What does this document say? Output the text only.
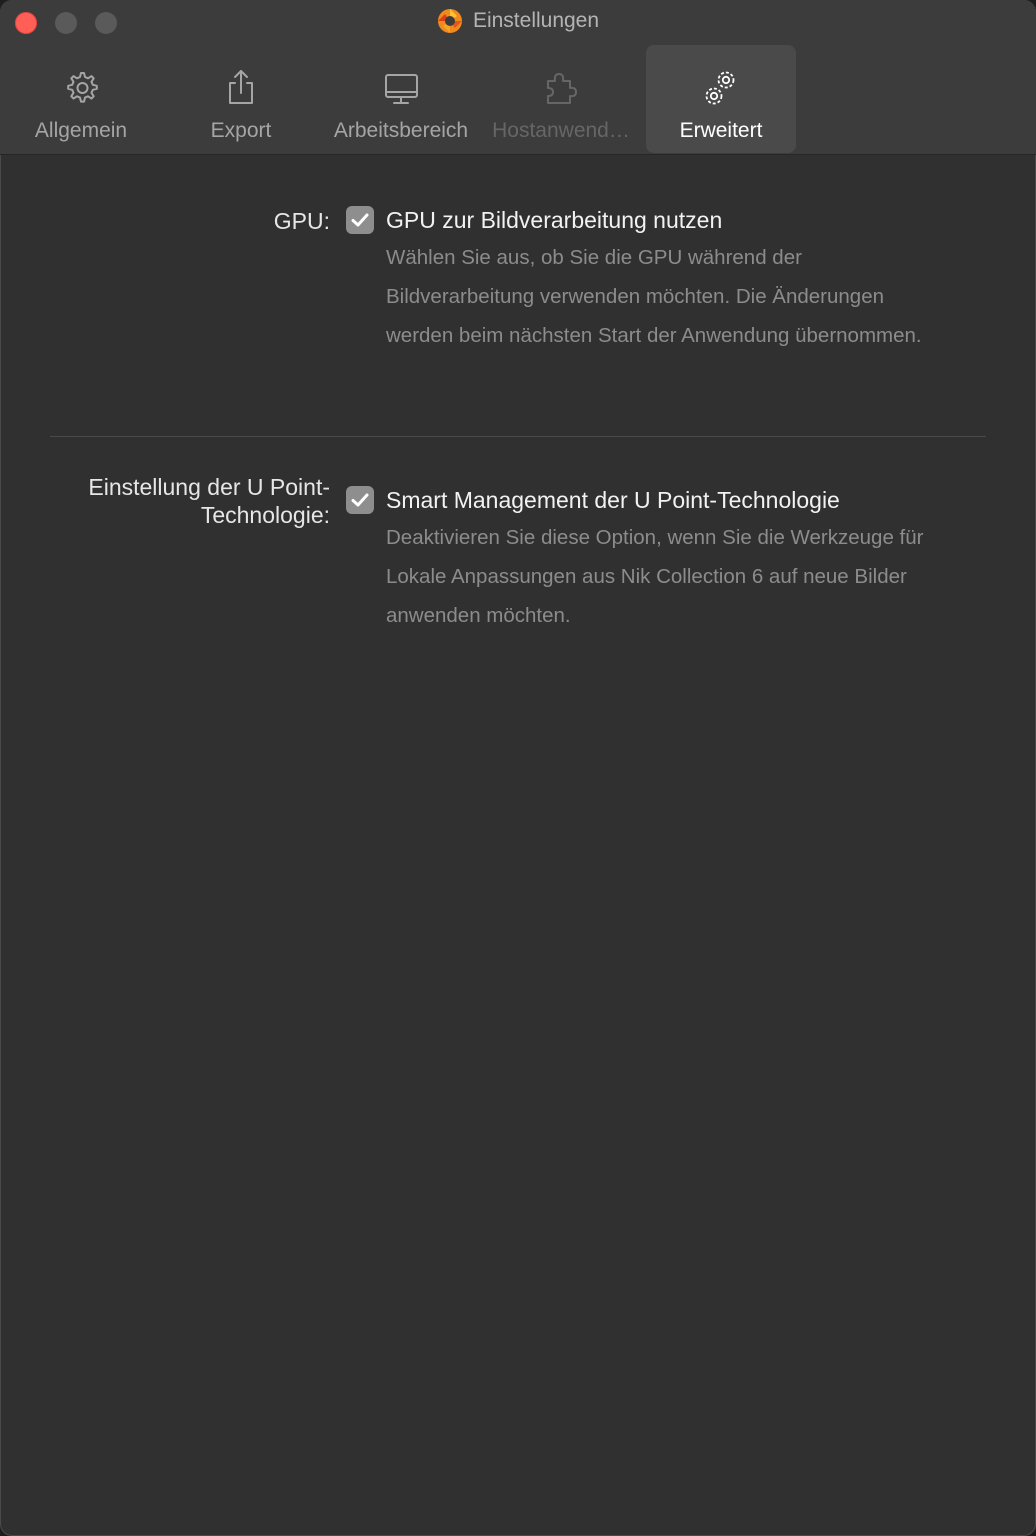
Einstellungen
Allgemein	Export	Arbeitsbereich	Hostanwend…	Erweitert
GPU: GPU zur Bildverarbeitung nutzen
Wählen Sie aus, ob Sie die GPU während der Bildverarbeitung verwenden möchten. Die Änderungen werden beim nächsten Start der Anwendung übernommen.
Einstellung der U Point-
Technologie:
Smart Management der U Point-Technologie
Deaktivieren Sie diese Option, wenn Sie die Werkzeuge für Lokale Anpassungen aus Nik Collection 6 auf neue Bilder anwenden möchten.
